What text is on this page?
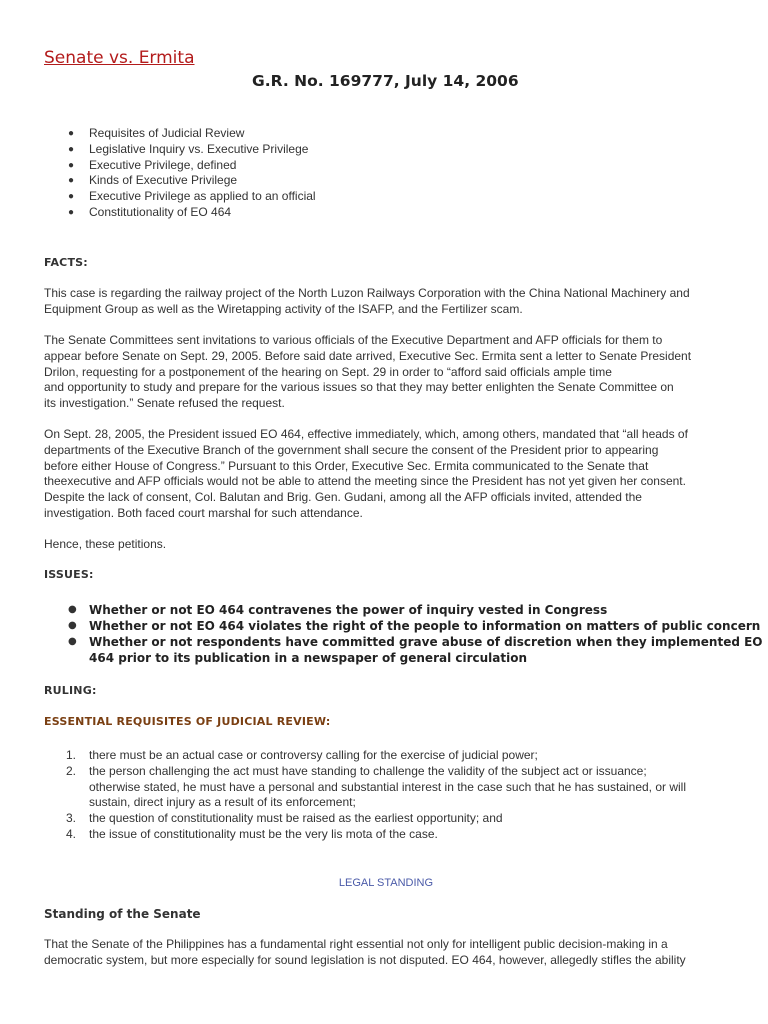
Senate vs. Ermita
G.R. No. 169777, July 14, 2006
● Requisites of Judicial Review
● Legislative Inquiry vs. Executive Privilege
● Executive Privilege, defined
● Kinds of Executive Privilege
● Executive Privilege as applied to an official
● Constitutionality of EO 464
FACTS:
This case is regarding the railway project of the North Luzon Railways Corporation with the China National Machinery and
Equipment Group as well as the Wiretapping activity of the ISAFP, and the Fertilizer scam.
The Senate Committees sent invitations to various officials of the Executive Department and AFP officials for them to
appear before Senate on Sept. 29, 2005. Before said date arrived, Executive Sec. Ermita sent a letter to Senate President
Drilon, requesting for a postponement of the hearing on Sept. 29 in order to “afford said officials ample time
and opportunity to study and prepare for the various issues so that they may better enlighten the Senate Committee on
its investigation.” Senate refused the request.
On Sept. 28, 2005, the President issued EO 464, effective immediately, which, among others, mandated that “all heads of
departments of the Executive Branch of the government shall secure the consent of the President prior to appearing
before either House of Congress.” Pursuant to this Order, Executive Sec. Ermita communicated to the Senate that
theexecutive and AFP officials would not be able to attend the meeting since the President has not yet given her consent.
Despite the lack of consent, Col. Balutan and Brig. Gen. Gudani, among all the AFP officials invited, attended the
investigation. Both faced court marshal for such attendance.
Hence, these petitions.
ISSUES:
● Whether or not EO 464 contravenes the power of inquiry vested in Congress
● Whether or not EO 464 violates the right of the people to information on matters of public concern
● Whether or not respondents have committed grave abuse of discretion when they implemented EO
464 prior to its publication in a newspaper of general circulation
RULING:
ESSENTIAL REQUISITES OF JUDICIAL REVIEW:
1. there must be an actual case or controversy calling for the exercise of judicial power;
2. the person challenging the act must have standing to challenge the validity of the subject act or issuance;
otherwise stated, he must have a personal and substantial interest in the case such that he has sustained, or will
sustain, direct injury as a result of its enforcement;
3. the question of constitutionality must be raised as the earliest opportunity; and
4. the issue of constitutionality must be the very lis mota of the case.
LEGAL STANDING
Standing of the Senate
That the Senate of the Philippines has a fundamental right essential not only for intelligent public decision-making in a
democratic system, but more especially for sound legislation is not disputed. EO 464, however, allegedly stifles the ability
